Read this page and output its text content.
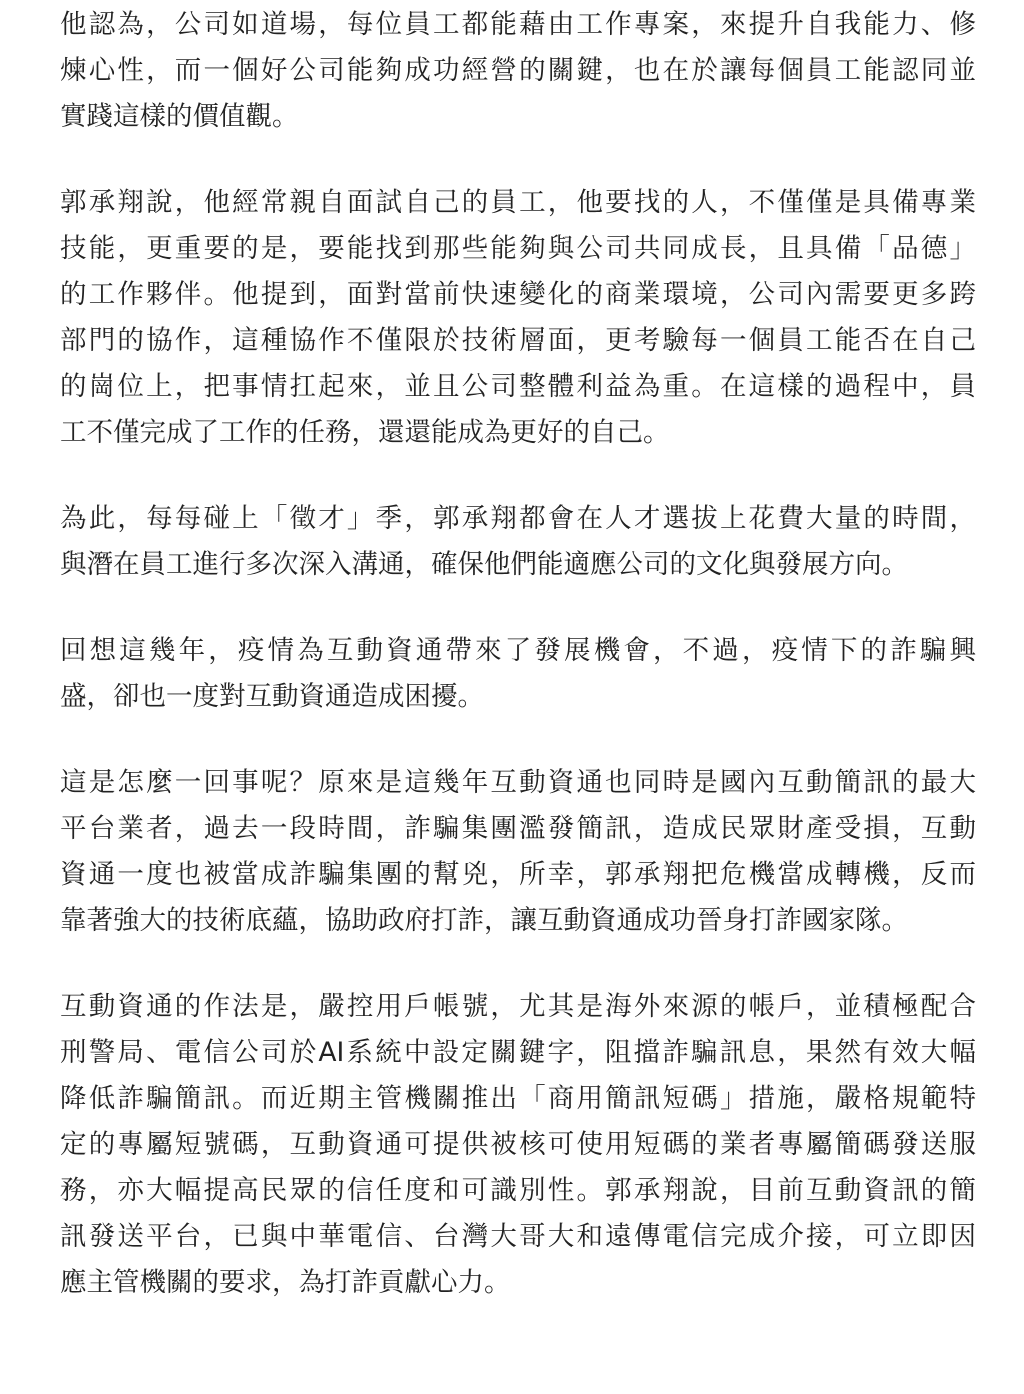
他認為，公司如道場，每位員工都能藉由工作專案，來提升自我能力、修
煉心性，而一個好公司能夠成功經營的關鍵，也在於讓每個員工能認同並
實踐這樣的價值觀。
郭承翔說，他經常親自面試自己的員工，他要找的人，不僅僅是具備專業
技能，更重要的是，要能找到那些能夠與公司共同成長，且具備「品德」
的工作夥伴。他提到，面對當前快速變化的商業環境，公司內需要更多跨
部門的協作，這種協作不僅限於技術層面，更考驗每一個員工能否在自己
的崗位上，把事情扛起來，並且公司整體利益為重。在這樣的過程中，員
工不僅完成了工作的任務，還還能成為更好的自己。
為此，每每碰上「徵才」季，郭承翔都會在人才選拔上花費大量的時間，
與潛在員工進行多次深入溝通，確保他們能適應公司的文化與發展方向。
回想這幾年，疫情為互動資通帶來了發展機會，不過，疫情下的詐騙興
盛，卻也一度對互動資通造成困擾。
這是怎麼一回事呢？原來是這幾年互動資通也同時是國內互動簡訊的最大
平台業者，過去一段時間，詐騙集團濫發簡訊，造成民眾財產受損，互動
資通一度也被當成詐騙集團的幫兇，所幸，郭承翔把危機當成轉機，反而
靠著強大的技術底蘊，協助政府打詐，讓互動資通成功晉身打詐國家隊。
互動資通的作法是，嚴控用戶帳號，尤其是海外來源的帳戶，並積極配合
刑警局、電信公司於AI系統中設定關鍵字，阻擋詐騙訊息，果然有效大幅
降低詐騙簡訊。而近期主管機關推出「商用簡訊短碼」措施，嚴格規範特
定的專屬短號碼，互動資通可提供被核可使用短碼的業者專屬簡碼發送服
務，亦大幅提高民眾的信任度和可識別性。郭承翔說，目前互動資訊的簡
訊發送平台，已與中華電信、台灣大哥大和遠傳電信完成介接，可立即因
應主管機關的要求，為打詐貢獻心力。
